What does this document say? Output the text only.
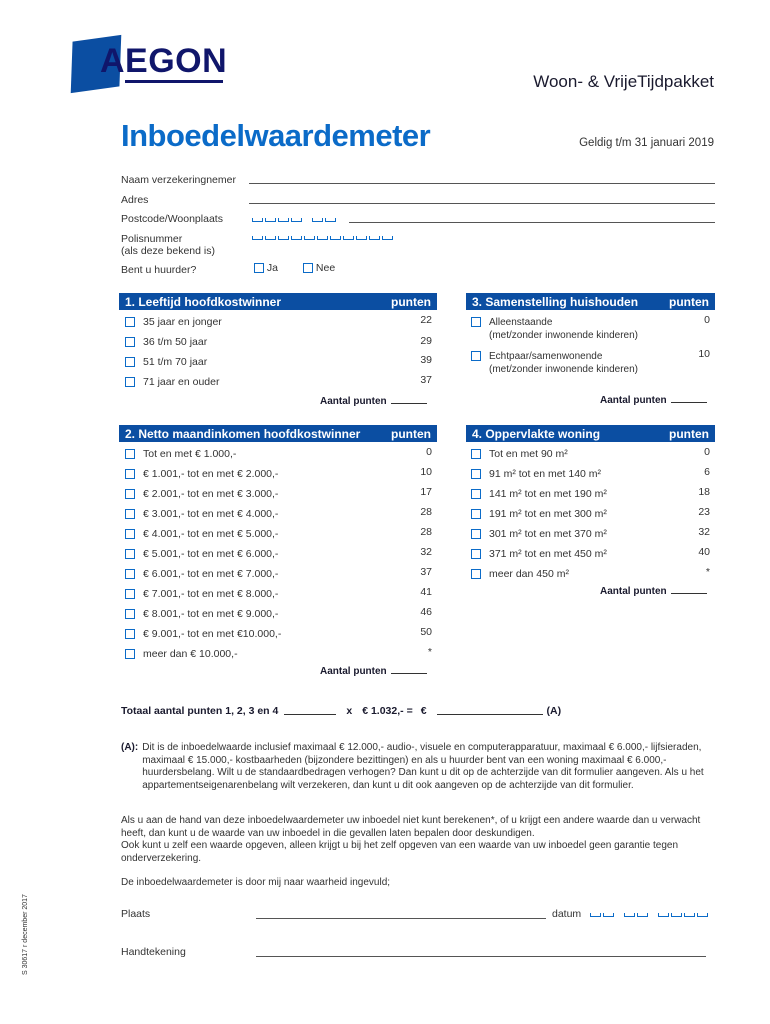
AEGON
Woon- & VrijeTijdpakket
Inboedelwaardemeter	Geldig t/m 31 januari 2019
Naam verzekeringnemer
Adres
Postcode/Woonplaats
Polisnummer
(als deze bekend is)
Bent u huurder?	Ja	Nee
1. Leeftijd hoofdkostwinner	punten
35 jaar en jonger	22
36 t/m 50 jaar	29
51 t/m 70 jaar	39
71 jaar en ouder	37
Aantal punten
3. Samenstelling huishouden	punten
Alleenstaande
(met/zonder inwonende kinderen)
0
Echtpaar/samenwonende
(met/zonder inwonende kinderen)
10
Aantal punten
2. Netto maandinkomen hoofdkostwinner	punten
Tot en met € 1.000,-	0
€ 1.001,- tot en met € 2.000,-	10
€ 2.001,- tot en met € 3.000,-	17
€ 3.001,- tot en met € 4.000,-	28
€ 4.001,- tot en met € 5.000,-	28
€ 5.001,- tot en met € 6.000,-	32
€ 6.001,- tot en met € 7.000,-	37
€ 7.001,- tot en met € 8.000,-	41
€ 8.001,- tot en met € 9.000,-	46
€ 9.001,- tot en met €10.000,-	50
meer dan € 10.000,-	*
Aantal punten
4. Oppervlakte woning	punten
Tot en met 90 m²	0
91 m² tot en met 140 m²	6
141 m² tot en met 190 m²	18
191 m² tot en met 300 m²	23
301 m² tot en met 370 m²	32
371 m² tot en met 450 m²	40
meer dan 450 m²	*
Aantal punten
Totaal aantal punten 1, 2, 3 en 4	x € 1.032,- = €	(A)
(A): Dit is de inboedelwaarde inclusief maximaal € 12.000,- audio-, visuele en computerapparatuur, maximaal € 6.000,- lijfsieraden, maximaal € 15.000,- kostbaarheden (bijzondere bezittingen) en als u huurder bent van een woning maximaal € 6.000,- huurdersbelang. Wilt u de standaardbedragen verhogen? Dan kunt u dit op de achterzijde van dit formulier aangeven. Als u het appartementseigenarenbelang wilt verzekeren, dan kunt u dit ook aangeven op de achterzijde van dit formulier.
Als u aan de hand van deze inboedelwaardemeter uw inboedel niet kunt berekenen*, of u krijgt een andere waarde dan u verwacht heeft, dan kunt u de waarde van uw inboedel in die gevallen laten bepalen door deskundigen.
Ook kunt u zelf een waarde opgeven, alleen krijgt u bij het zelf opgeven van een waarde van uw inboedel geen garantie tegen onderverzekering.
De inboedelwaardemeter is door mij naar waarheid ingevuld;
Plaats	datum
Handtekening
S 30617 r december 2017
